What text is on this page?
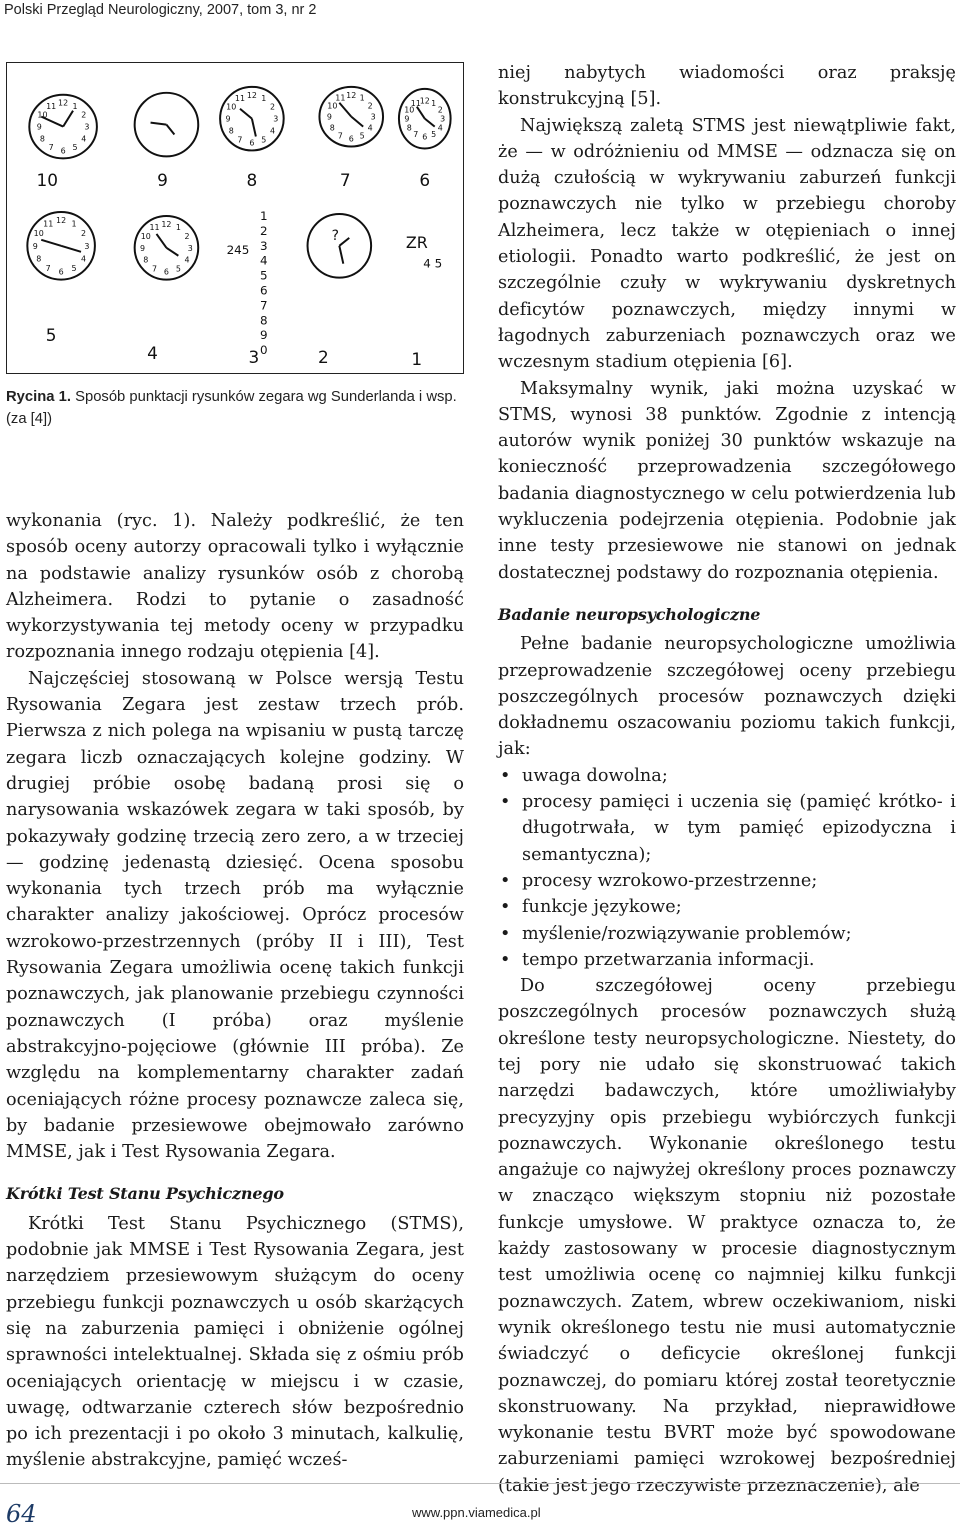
Polski Przegląd Neurologiczny, 2007, tom 3, nr 2
12 1
2
3
4
5
6
7
8
9
10
11
12 1
2
3
4
5
6
7
8
9
10
11	12 1
2
3
4
5
6
7
8
9
10
11	12 1
2
3
4
5
6
7
8
9
10
11
12 1
2
3
4
5
6
7
8
9
10
11	12 1
2
3
4
5
6
7
8
9
10
11
10	9	8	7	6
5
4	3	2	1
245	ZR
4 5
?
1
2
3
4
5
6
7
8
9
0
Rycina 1. Sposób punktacji rysunków zegara wg Sunderlanda i wsp. (za [4])

wykonania (ryc. 1). Należy podkreślić, że ten sposób oceny autorzy opracowali tylko i wyłącznie na podstawie analizy rysunków osób z chorobą Alzheimera. Rodzi to pytanie o zasadność wykorzystywania tej metody oceny w przypadku rozpoznania innego rodzaju otępienia [4].

Najczęściej stosowaną w Polsce wersją Testu Rysowania Zegara jest zestaw trzech prób. Pierwsza z nich polega na wpisaniu w pustą tarczę zegara liczb oznaczających kolejne godziny. W drugiej próbie osobę badaną prosi się o narysowania wskazówek zegara w taki sposób, by pokazywały godzinę trzecią zero zero, a w trzeciej — godzinę jedenastą dziesięć. Ocena sposobu wykonania tych trzech prób ma wyłącznie charakter analizy jakościowej. Oprócz procesów wzrokowo-przestrzennych (próby II i III), Test Rysowania Zegara umożliwia ocenę takich funkcji poznawczych, jak planowanie przebiegu czynności poznawczych (I próba) oraz myślenie abstrakcyjno-pojęciowe (głównie III próba). Ze względu na komplementarny charakter zadań oceniających różne procesy poznawcze zaleca się, by badanie przesiewowe obejmowało zarówno MMSE, jak i Test Rysowania Zegara.

Krótki Test Stanu Psychicznego

Krótki Test Stanu Psychicznego (STMS), podobnie jak MMSE i Test Rysowania Zegara, jest narzędziem przesiewowym służącym do oceny przebiegu funkcji poznawczych u osób skarżących się na zaburzenia pamięci i obniżenie ogólnej sprawności intelektualnej. Składa się z ośmiu prób oceniających orientację w miejscu i w czasie, uwagę, odtwarzanie czterech słów bezpośrednio po ich prezentacji i po około 3 minutach, kalkulię, myślenie abstrakcyjne, pamięć wcześ-

niej nabytych wiadomości oraz praksję konstrukcyjną [5].

Największą zaletą STMS jest niewątpliwie fakt, że — w odróżnieniu od MMSE — odznacza się on dużą czułością w wykrywaniu zaburzeń funkcji poznawczych nie tylko w przebiegu choroby Alzheimera, lecz także w otępieniach o innej etiologii. Ponadto warto podkreślić, że jest on szczególnie czuły w wykrywaniu dyskretnych deficytów poznawczych, między innymi w łagodnych zaburzeniach poznawczych oraz we wczesnym stadium otępienia [6].

Maksymalny wynik, jaki można uzyskać w STMS, wynosi 38 punktów. Zgodnie z intencją autorów wynik poniżej 30 punktów wskazuje na konieczność przeprowadzenia szczegółowego badania diagnostycznego w celu potwierdzenia lub wykluczenia podejrzenia otępienia. Podobnie jak inne testy przesiewowe nie stanowi on jednak dostatecznej podstawy do rozpoznania otępienia.

Badanie neuropsychologiczne

Pełne badanie neuropsychologiczne umożliwia przeprowadzenie szczegółowej oceny przebiegu poszczególnych procesów poznawczych dzięki dokładnemu oszacowaniu poziomu takich funkcji, jak:

• uwaga dowolna;
• procesy pamięci i uczenia się (pamięć krótko- i długotrwała, w tym pamięć epizodyczna i semantyczna);
• procesy wzrokowo-przestrzenne;
• funkcje językowe;
• myślenie/rozwiązywanie problemów;
• tempo przetwarzania informacji.

Do szczegółowej oceny przebiegu poszczególnych procesów poznawczych służą określone testy neuropsychologiczne. Niestety, do tej pory nie udało się skonstruować takich narzędzi badawczych, które umożliwiałyby precyzyjny opis przebiegu wybiórczych funkcji poznawczych. Wykonanie określonego testu angażuje co najwyżej określony proces poznawczy w znacząco większym stopniu niż pozostałe funkcje umysłowe. W praktyce oznacza to, że każdy zastosowany w procesie diagnostycznym test umożliwia ocenę co najmniej kilku funkcji poznawczych. Zatem, wbrew oczekiwaniom, niski wynik określonego testu nie musi automatycznie świadczyć o deficycie określonej funkcji poznawczej, do pomiaru której został teoretycznie skonstruowany. Na przykład, nieprawidłowe wykonanie testu BVRT może być spowodowane zaburzeniami pamięci wzrokowej bezpośredniej (takie jest jego rzeczywiste przeznaczenie), ale

64	www.ppn.viamedica.pl
